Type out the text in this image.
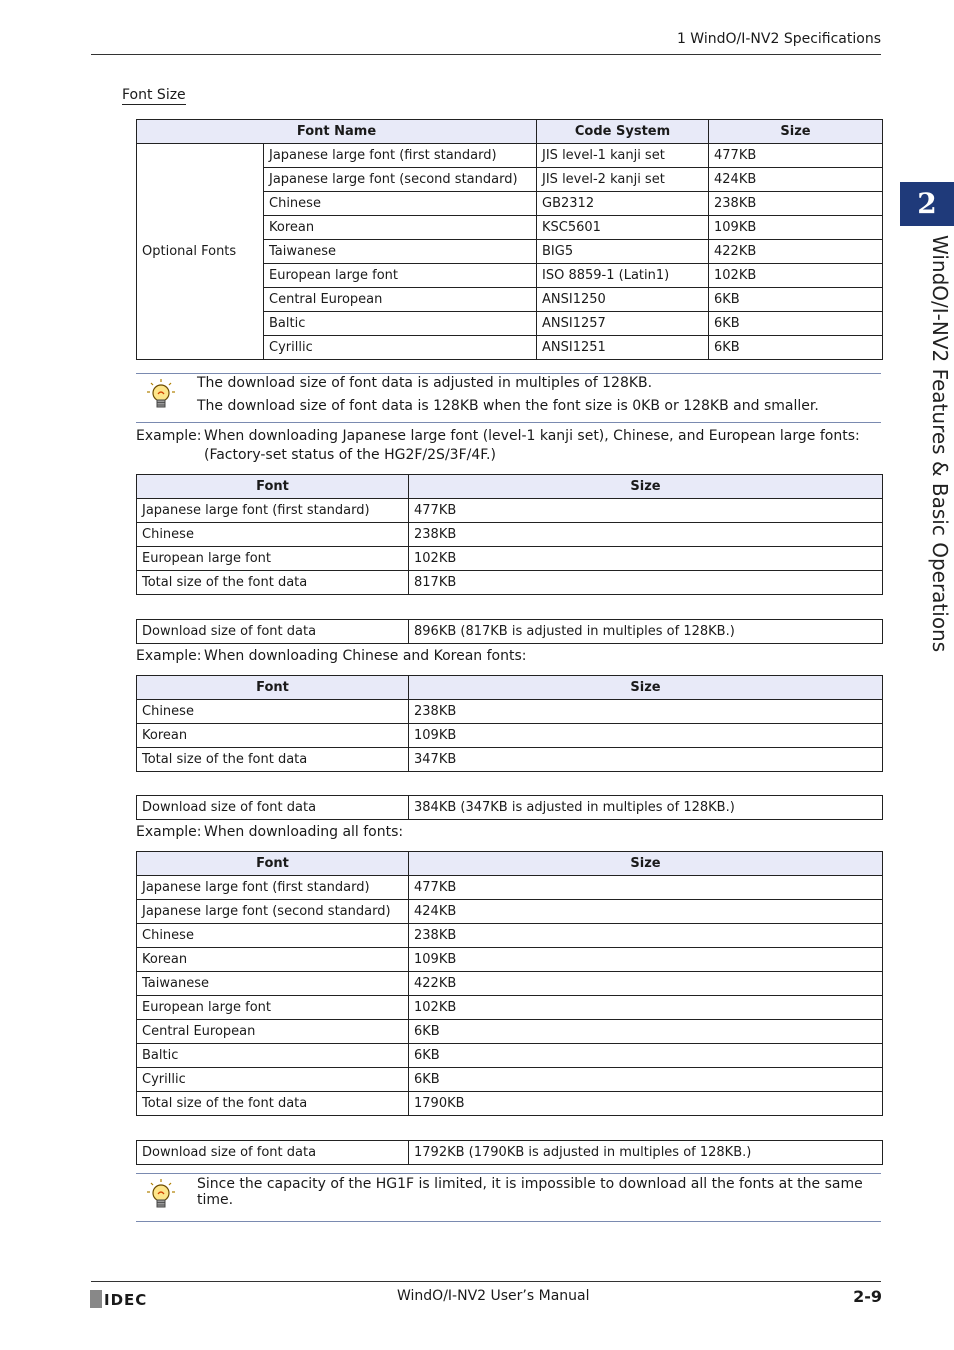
1 WindO/I-NV2 Specifications
2
WindO/I-NV2 Features & Basic Operations
Font Size
Font Name		Code System	Size
Optional Fonts	Japanese large font (first standard)	JIS level-1 kanji set	477KB
	Japanese large font (second standard)	JIS level-2 kanji set	424KB
	Chinese	GB2312	238KB
	Korean	KSC5601	109KB
	Taiwanese	BIG5	422KB
	European large font	ISO 8859-1 (Latin1)	102KB
	Central European	ANSI1250	6KB
	Baltic	ANSI1257	6KB
	Cyrillic	ANSI1251	6KB
The download size of font data is adjusted in multiples of 128KB.
The download size of font data is 128KB when the font size is 0KB or 128KB and smaller.
Example: When downloading Japanese large font (level-1 kanji set), Chinese, and European large fonts:
(Factory-set status of the HG2F/2S/3F/4F.)
Font	Size
Japanese large font (first standard)	477KB
Chinese	238KB
European large font	102KB
Total size of the font data	817KB
Download size of font data	896KB (817KB is adjusted in multiples of 128KB.)
Example: When downloading Chinese and Korean fonts:
Font	Size
Chinese	238KB
Korean	109KB
Total size of the font data	347KB
Download size of font data	384KB (347KB is adjusted in multiples of 128KB.)
Example: When downloading all fonts:
Font	Size
Japanese large font (first standard)	477KB
Japanese large font (second standard)	424KB
Chinese	238KB
Korean	109KB
Taiwanese	422KB
European large font	102KB
Central European	6KB
Baltic	6KB
Cyrillic	6KB
Total size of the font data	1790KB
Download size of font data	1792KB (1790KB is adjusted in multiples of 128KB.)
Since the capacity of the HG1F is limited, it is impossible to download all the fonts at the same time.
IDEC	WindO/I-NV2 User’s Manual	2-9
